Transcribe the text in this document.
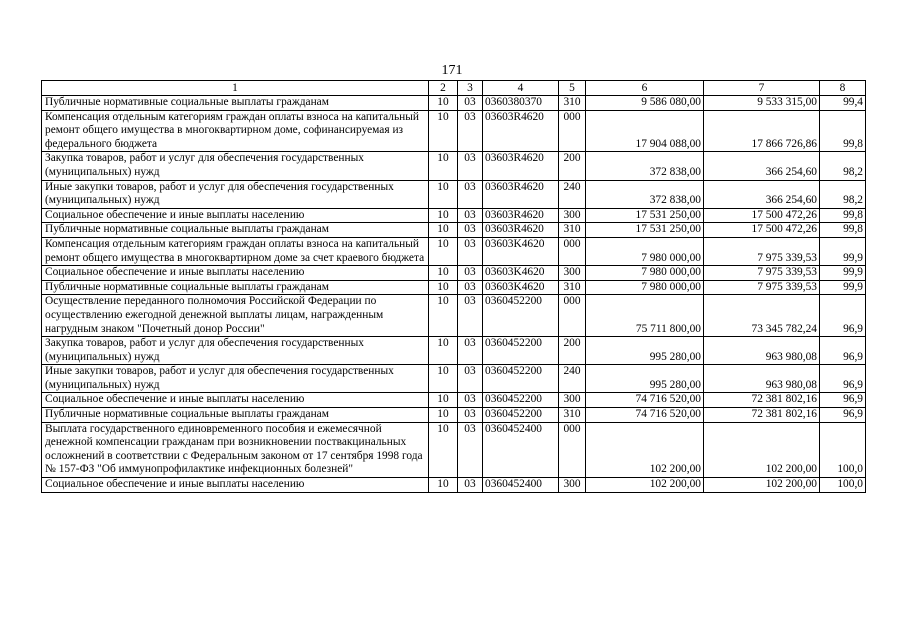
171
1	2	3	4	5	6	7	8
Публичные нормативные социальные выплаты гражданам	10	03	0360380370	310	9 586 080,00	9 533 315,00	99,4
Компенсация отдельным категориям граждан оплаты взноса на капитальный ремонт общего имущества в многоквартирном доме, софинансируемая из федерального бюджета	10	03	03603R4620	000	17 904 088,00	17 866 726,86	99,8
Закупка товаров, работ и услуг для обеспечения государственных (муниципальных) нужд	10	03	03603R4620	200	372 838,00	366 254,60	98,2
Иные закупки товаров, работ и услуг для обеспечения государственных (муниципальных) нужд	10	03	03603R4620	240	372 838,00	366 254,60	98,2
Социальное обеспечение и иные выплаты населению	10	03	03603R4620	300	17 531 250,00	17 500 472,26	99,8
Публичные нормативные социальные выплаты гражданам	10	03	03603R4620	310	17 531 250,00	17 500 472,26	99,8
Компенсация отдельным категориям граждан оплаты взноса на капитальный ремонт общего имущества в многоквартирном доме за счет краевого бюджета	10	03	03603K4620	000	7 980 000,00	7 975 339,53	99,9
Социальное обеспечение и иные выплаты населению	10	03	03603K4620	300	7 980 000,00	7 975 339,53	99,9
Публичные нормативные социальные выплаты гражданам	10	03	03603K4620	310	7 980 000,00	7 975 339,53	99,9
Осуществление переданного полномочия Российской Федерации по осуществлению ежегодной денежной выплаты лицам, награжденным нагрудным знаком "Почетный донор России"	10	03	0360452200	000	75 711 800,00	73 345 782,24	96,9
Закупка товаров, работ и услуг для обеспечения государственных (муниципальных) нужд	10	03	0360452200	200	995 280,00	963 980,08	96,9
Иные закупки товаров, работ и услуг для обеспечения государственных (муниципальных) нужд	10	03	0360452200	240	995 280,00	963 980,08	96,9
Социальное обеспечение и иные выплаты населению	10	03	0360452200	300	74 716 520,00	72 381 802,16	96,9
Публичные нормативные социальные выплаты гражданам	10	03	0360452200	310	74 716 520,00	72 381 802,16	96,9
Выплата государственного единовременного пособия и ежемесячной денежной компенсации гражданам при возникновении поствакцинальных осложнений в соответствии с Федеральным законом от 17 сентября 1998 года № 157-ФЗ "Об иммунопрофилактике инфекционных болезней"	10	03	0360452400	000	102 200,00	102 200,00	100,0
Социальное обеспечение и иные выплаты населению	10	03	0360452400	300	102 200,00	102 200,00	100,0
